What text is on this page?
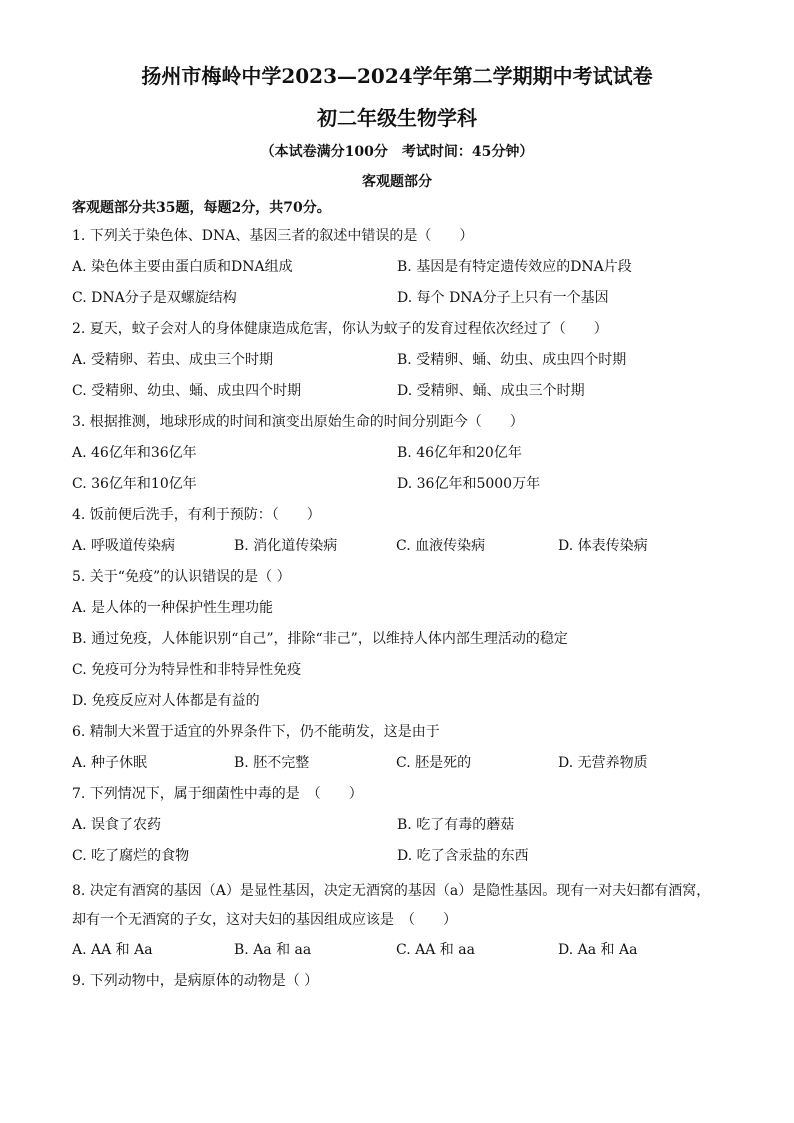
扬州市梅岭中学2023—2024学年第二学期期中考试试卷
初二年级生物学科
（本试卷满分100分　考试时间：45分钟）
客观题部分
客观题部分共35题，每题2分，共70分。
1. 下列关于染色体、DNA、基因三者的叙述中错误的是（　　）
A. 染色体主要由蛋白质和DNA组成	B. 基因是有特定遗传效应的DNA片段
C. DNA分子是双螺旋结构	D. 每个 DNA分子上只有一个基因
2. 夏天，蚊子会对人的身体健康造成危害，你认为蚊子的发育过程依次经过了（　　）
A. 受精卵、若虫、成虫三个时期	B. 受精卵、蛹、幼虫、成虫四个时期
C. 受精卵、幼虫、蛹、成虫四个时期	D. 受精卵、蛹、成虫三个时期
3. 根据推测，地球形成的时间和演变出原始生命的时间分别距今（　　）
A. 46亿年和36亿年	B. 46亿年和20亿年
C. 36亿年和10亿年	D. 36亿年和5000万年
4. 饭前便后洗手，有利于预防：（　　）
A. 呼吸道传染病	B. 消化道传染病	C. 血液传染病	D. 体表传染病
5. 关于“免疫”的认识错误的是（ ）
A. 是人体的一种保护性生理功能
B. 通过免疫，人体能识别“自己”，排除“非己”，以维持人体内部生理活动的稳定
C. 免疫可分为特异性和非特异性免疫
D. 免疫反应对人体都是有益的
6. 精制大米置于适宜的外界条件下，仍不能萌发，这是由于
A. 种子休眠	B. 胚不完整	C. 胚是死的	D. 无营养物质
7. 下列情况下，属于细菌性中毒的是　（　　）
A. 误食了农药	B. 吃了有毒的蘑菇
C. 吃了腐烂的食物	D. 吃了含汞盐的东西
8. 决定有酒窝的基因（A）是显性基因，决定无酒窝的基因（a）是隐性基因。现有一对夫妇都有酒窝，却有一个无酒窝的子女，这对夫妇的基因组成应该是　（　　）
A. AA 和 Aa	B. Aa 和 aa	C. AA 和 aa	D. Aa 和 Aa
9. 下列动物中，是病原体的动物是（ ）
